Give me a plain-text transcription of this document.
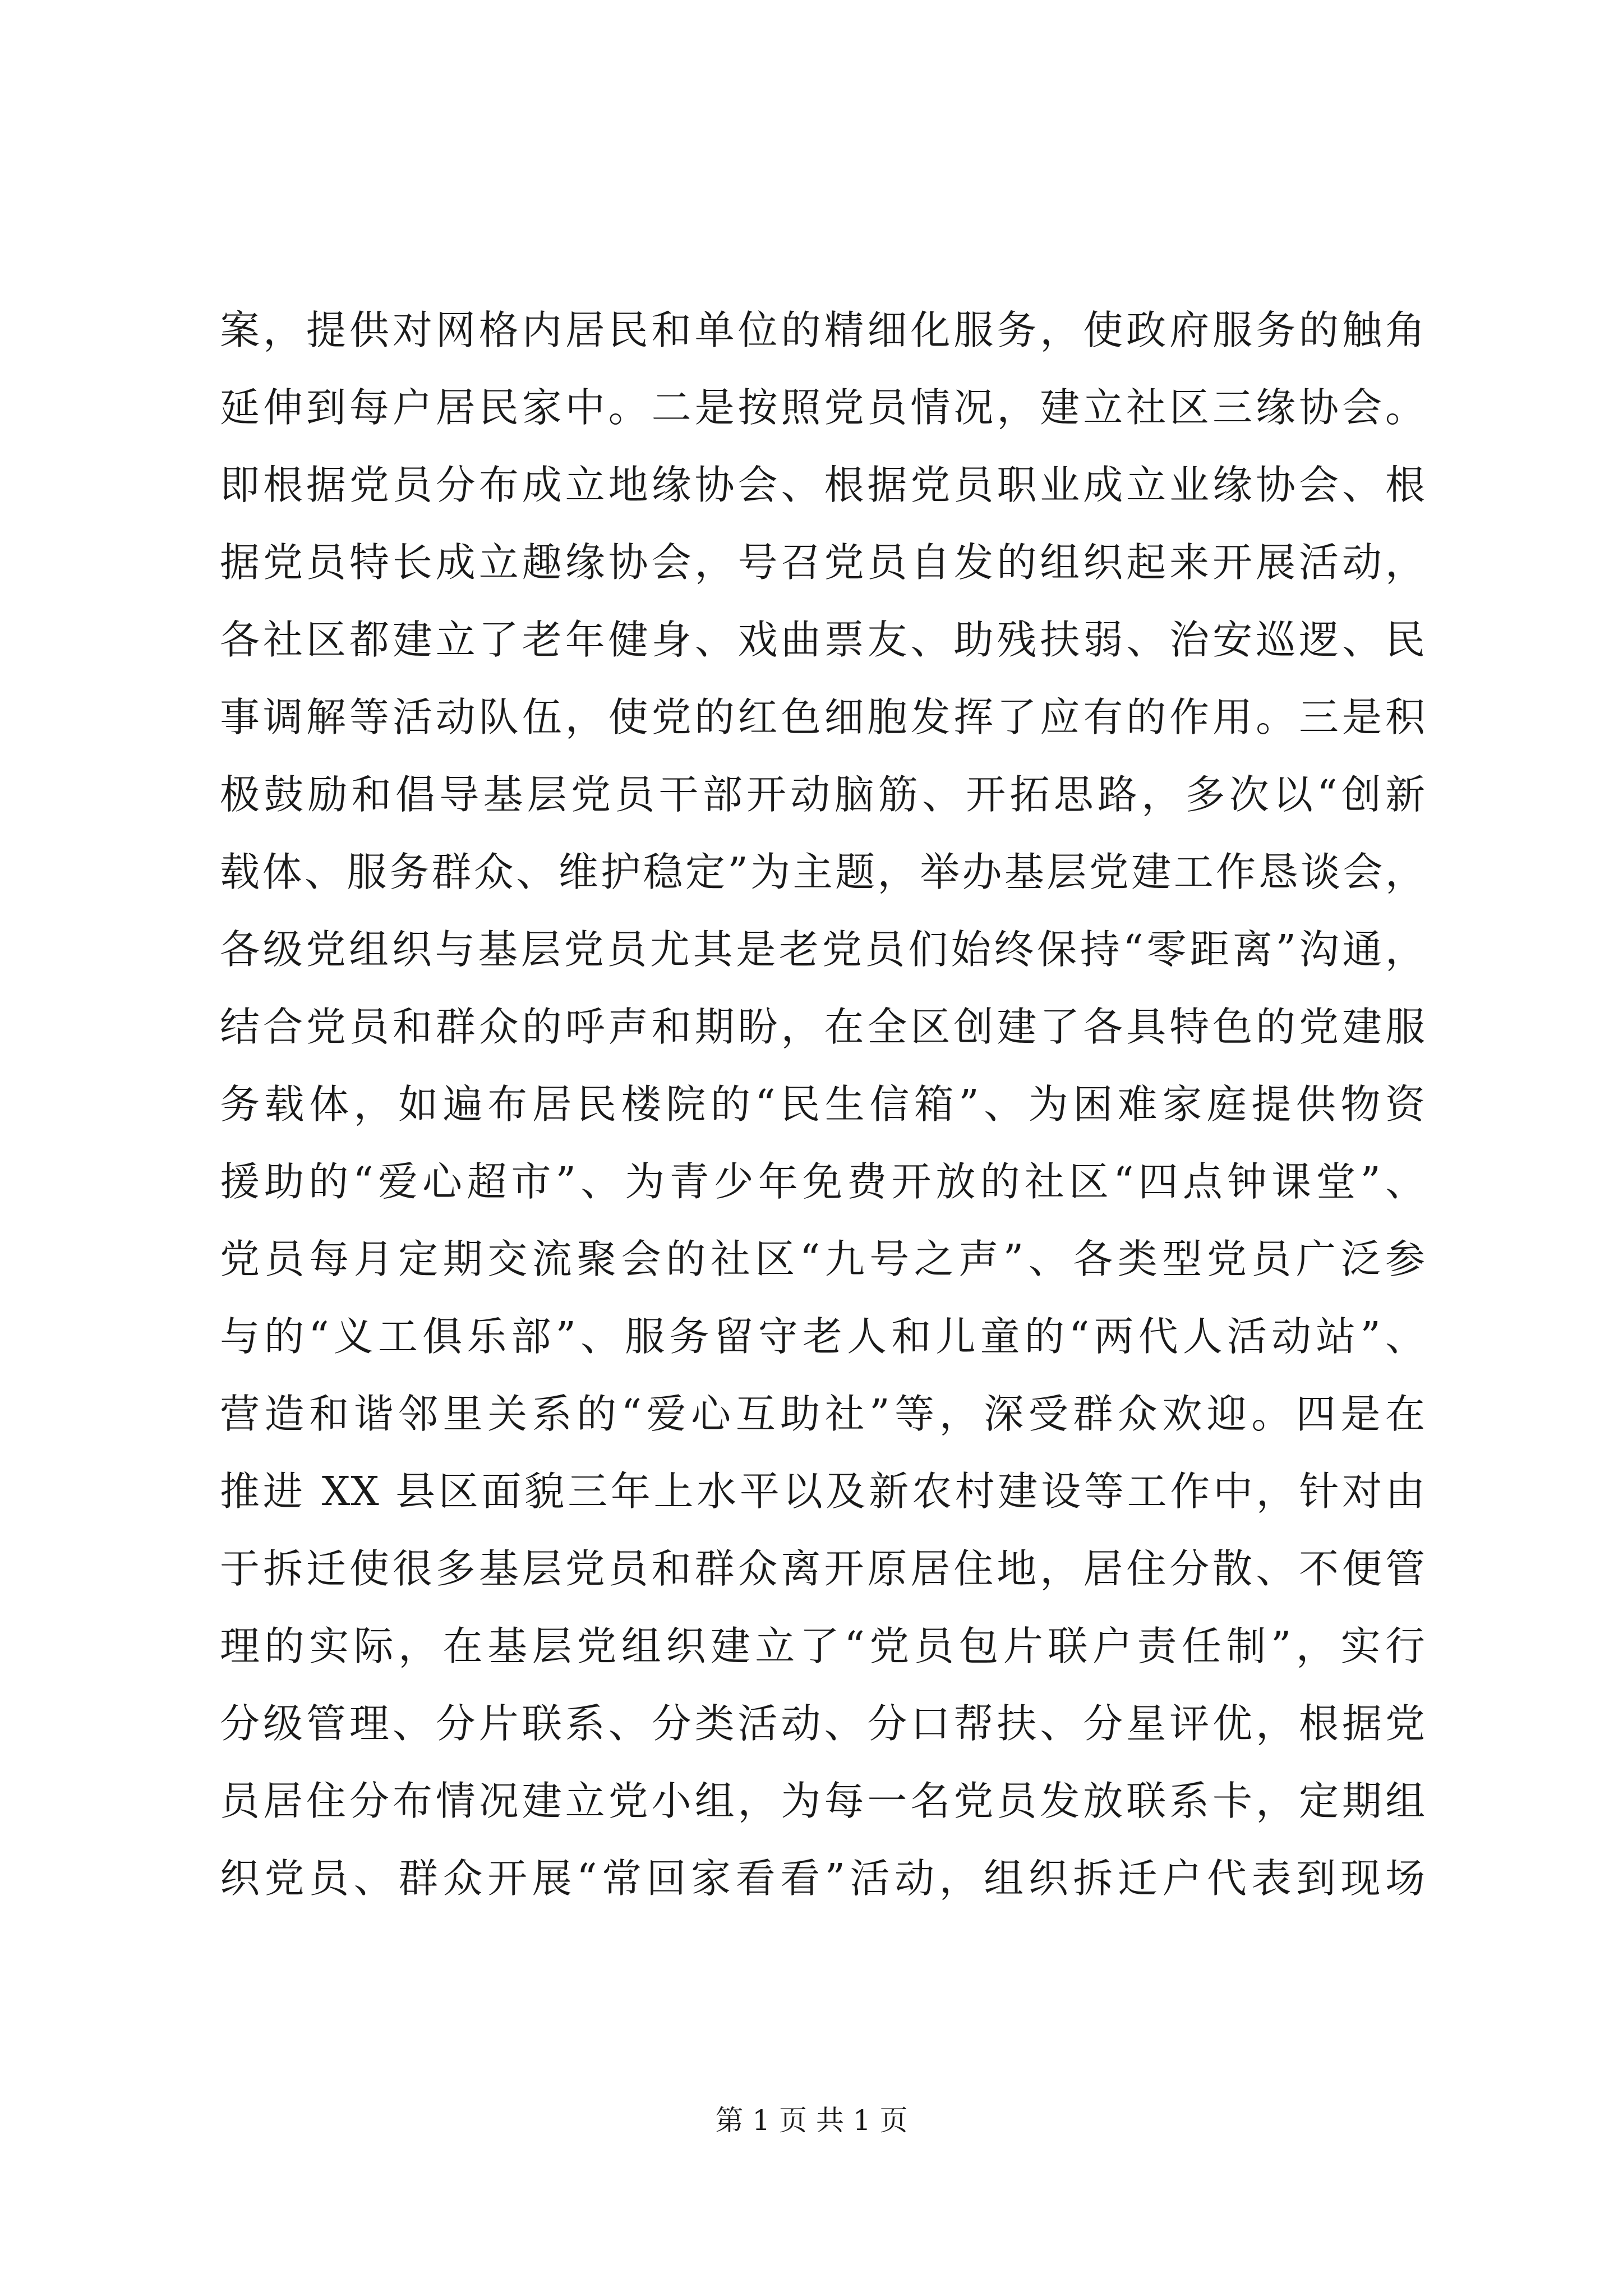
案，提供对网格内居民和单位的精细化服务，使政府服务的触角
延伸到每户居民家中。二是按照党员情况，建立社区三缘协会。
即根据党员分布成立地缘协会、根据党员职业成立业缘协会、根
据党员特长成立趣缘协会，号召党员自发的组织起来开展活动，
各社区都建立了老年健身、戏曲票友、助残扶弱、治安巡逻、民
事调解等活动队伍，使党的红色细胞发挥了应有的作用。三是积
极鼓励和倡导基层党员干部开动脑筋、开拓思路，多次以“创新
载体、服务群众、维护稳定”为主题，举办基层党建工作恳谈会，
各级党组织与基层党员尤其是老党员们始终保持“零距离”沟通，
结合党员和群众的呼声和期盼，在全区创建了各具特色的党建服
务载体，如遍布居民楼院的“民生信箱”、为困难家庭提供物资
援助的“爱心超市”、为青少年免费开放的社区“四点钟课堂”、
党员每月定期交流聚会的社区“九号之声”、各类型党员广泛参
与的“义工俱乐部”、服务留守老人和儿童的“两代人活动站”、
营造和谐邻里关系的“爱心互助社”等，深受群众欢迎。四是在
推进 XX 县区面貌三年上水平以及新农村建设等工作中，针对由
于拆迁使很多基层党员和群众离开原居住地，居住分散、不便管
理的实际，在基层党组织建立了“党员包片联户责任制”，实行
分级管理、分片联系、分类活动、分口帮扶、分星评优，根据党
员居住分布情况建立党小组，为每一名党员发放联系卡，定期组
织党员、群众开展“常回家看看”活动，组织拆迁户代表到现场
第 1 页 共 1 页
